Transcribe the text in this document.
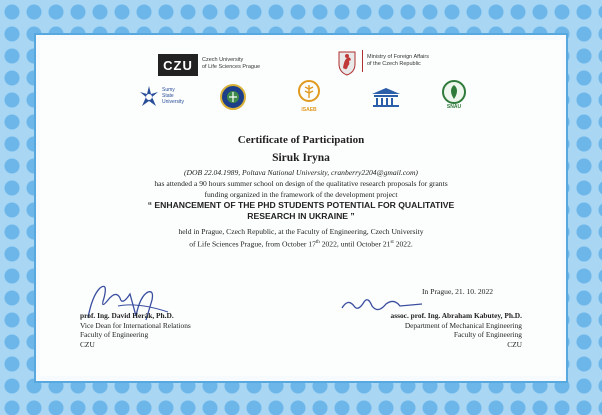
CZU	Czech University
of Life Sciences Prague
Ministry of Foreign Affairs
of the Czech Republic
Sumy
State
University
ISAEB	SNAU
Certificate of Participation
Siruk Iryna
(DOB 22.04.1989, Poltava National University, cranberry2204@gmail.com)
has attended a 90 hours summer school on design of the qualitative research proposals for grants
funding organized in the framework of the development project
“ ENHANCEMENT OF THE PHD STUDENTS POTENTIAL FOR QUALITATIVE
RESEARCH IN UKRAINE ”
held in Prague, Czech Republic, at the Faculty of Engineering, Czech University
of Life Sciences Prague, from October 17th 2022, until October 21st 2022.
In Prague, 21. 10. 2022
prof. Ing. David Herák, Ph.D.
Vice Dean for International Relations
Faculty of Engineering
CZU
assoc. prof. Ing. Abraham Kabutey, Ph.D.
Department of Mechanical Engineering
Faculty of Engineering
CZU
